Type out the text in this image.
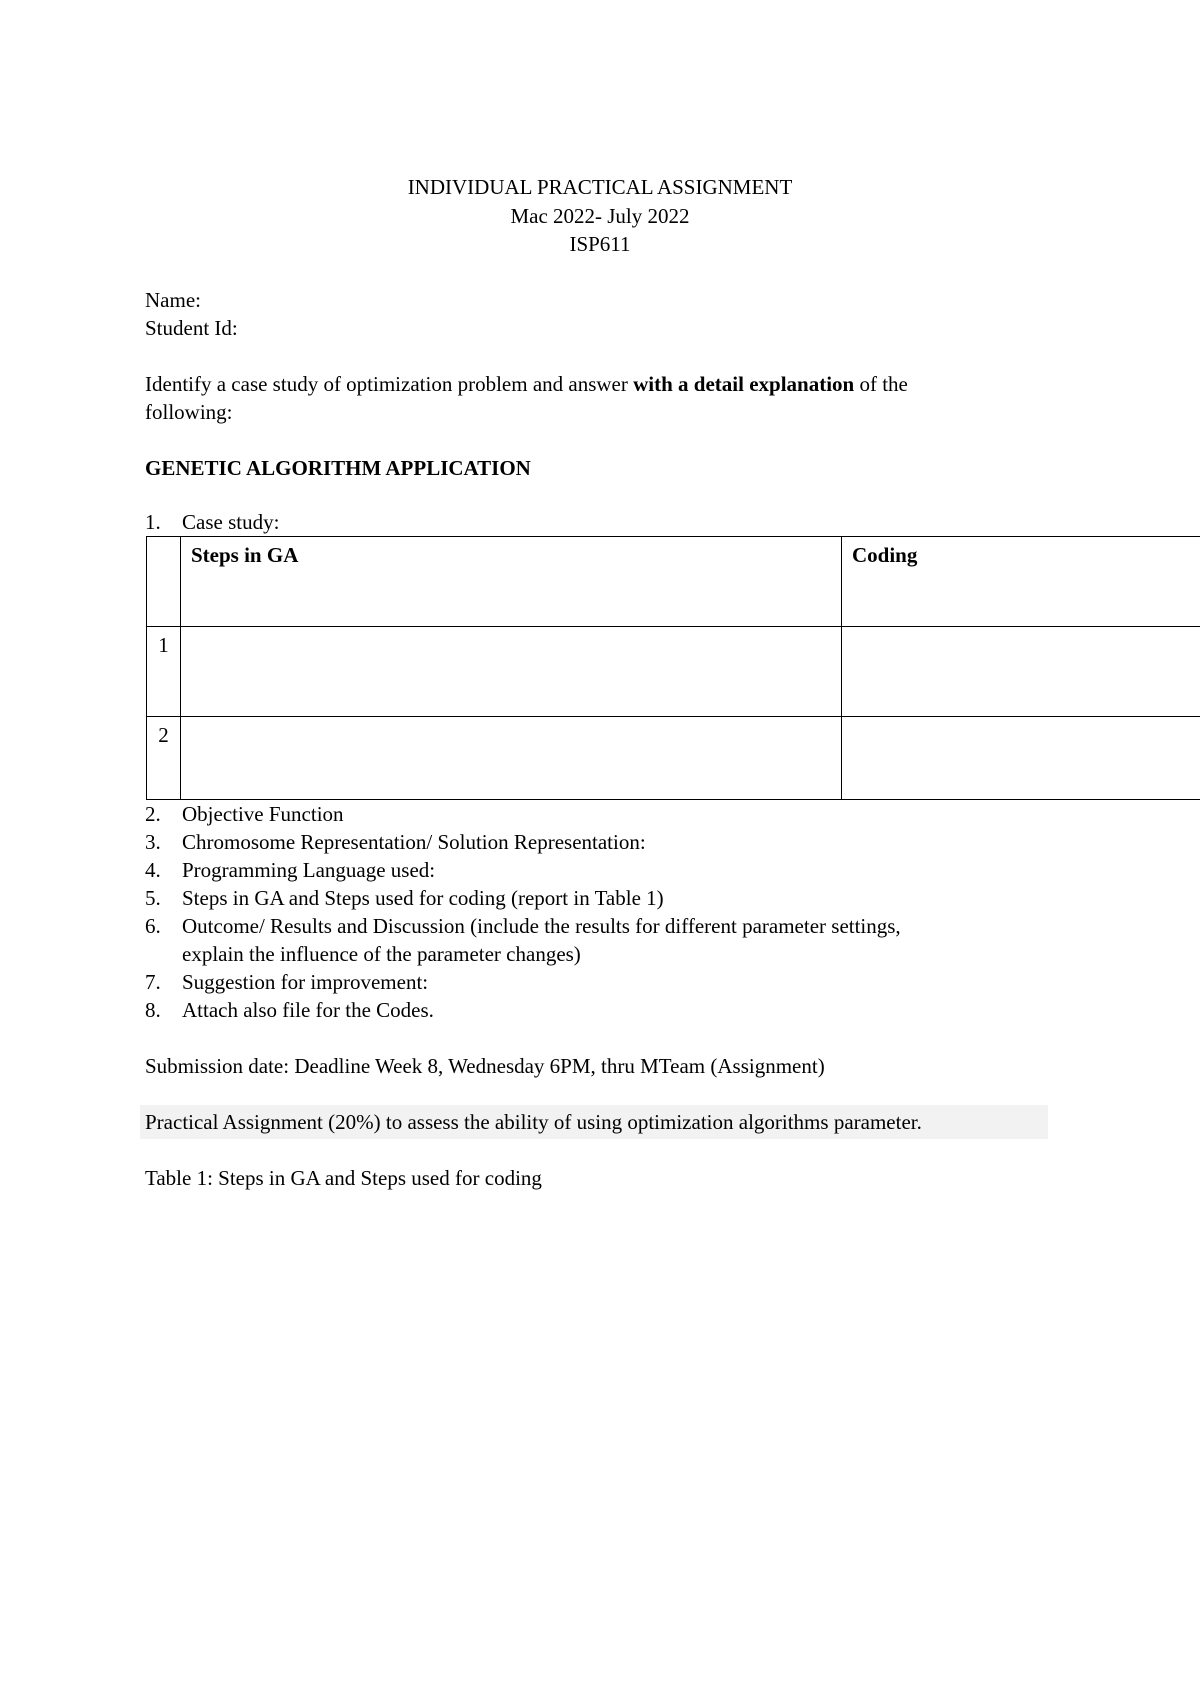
INDIVIDUAL PRACTICAL ASSIGNMENT
Mac 2022- July 2022
ISP611
Name:
Student Id:
Identify a case study of optimization problem and answer with a detail explanation of the
following:
GENETIC ALGORITHM APPLICATION
1. Case study:
	Steps in GA	Coding
1		
2		
2. Objective Function
3. Chromosome Representation/ Solution Representation:
4. Programming Language used:
5. Steps in GA and Steps used for coding (report in Table 1)
6. Outcome/ Results and Discussion (include the results for different parameter settings,
explain the influence of the parameter changes)
7. Suggestion for improvement:
8. Attach also file for the Codes.
Submission date: Deadline Week 8, Wednesday 6PM, thru MTeam (Assignment)
Practical Assignment (20%) to assess the ability of using optimization algorithms parameter.
Table 1: Steps in GA and Steps used for coding
